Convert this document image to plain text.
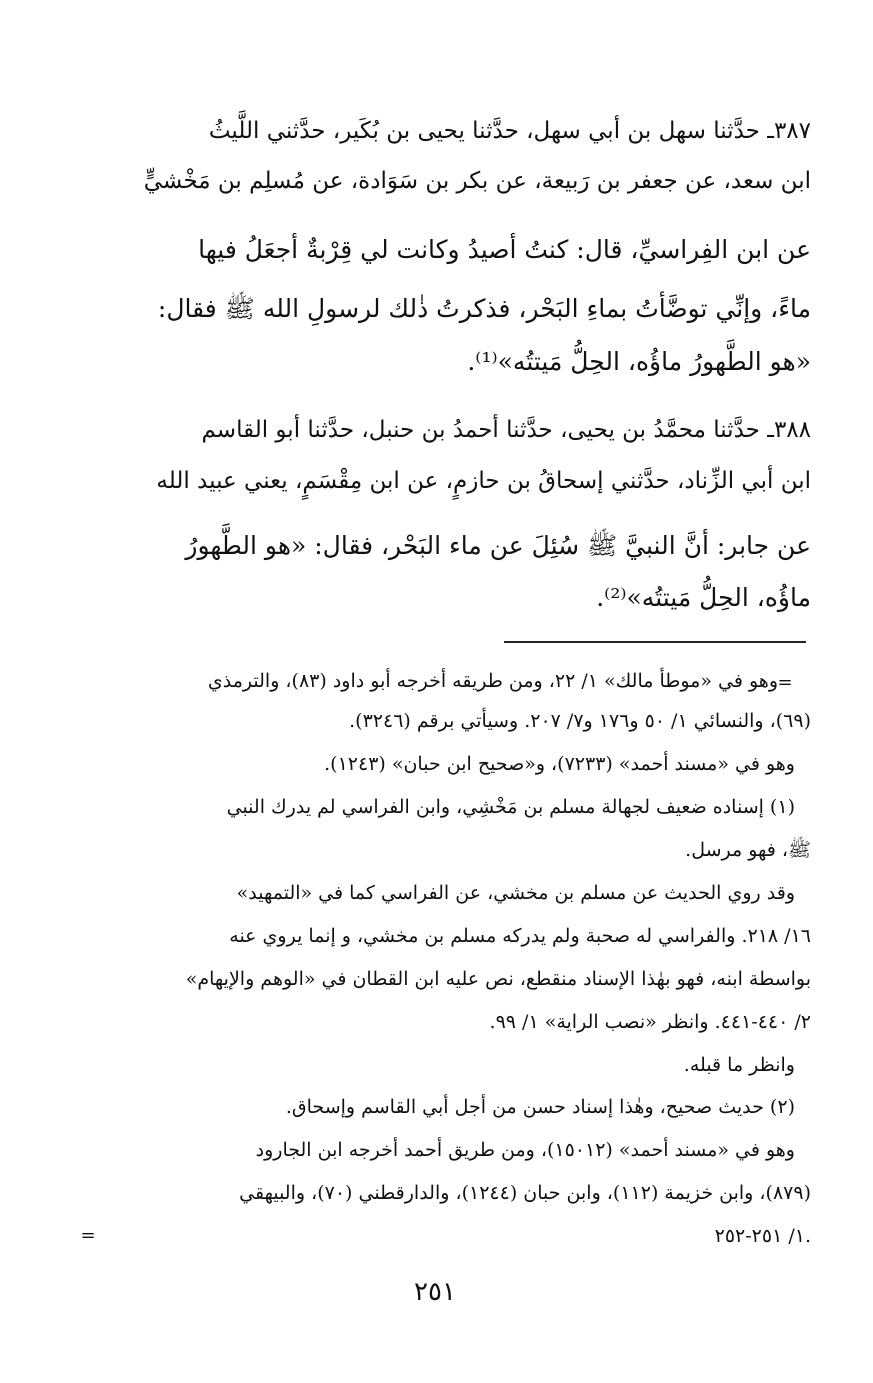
٣٨٧ـ حدَّثنا سهل بن أبي سهل، حدَّثنا يحيى بن بُكَير، حدَّثني اللَّيثُ
ابن سعد، عن جعفر بن رَبيعة، عن بكر بن سَوَادة، عن مُسلِم بن مَخْشيٍّ
عن ابن الفِراسيِّ، قال: كنتُ أصيدُ وكانت لي قِرْبةٌ أجعَلُ فيها
ماءً، وإنِّي توضَّأتُ بماءِ البَحْر، فذكرتُ ذٰلك لرسولِ الله ﷺ فقال:
«هو الطَّهورُ ماؤُه، الحِلُّ مَيتتُه»⁽¹⁾.
٣٨٨ـ حدَّثنا محمَّدُ بن يحيى، حدَّثنا أحمدُ بن حنبل، حدَّثنا أبو القاسم
ابن أبي الزِّناد، حدَّثني إسحاقُ بن حازمٍ، عن ابن مِقْسَمٍ، يعني عبيد الله
عن جابر: أنَّ النبيَّ ﷺ سُئِلَ عن ماء البَحْر، فقال: «هو الطَّهورُ
ماؤُه، الحِلُّ مَيتتُه»⁽²⁾.
=
وهو في «موطأ مالك» ١/ ٢٢، ومن طريقه أخرجه أبو داود (٨٣)، والترمذي
(٦٩)، والنسائي ١/ ٥٠ و١٧٦ و٧/ ٢٠٧. وسيأتي برقم (٣٢٤٦).
وهو في «مسند أحمد» (٧٢٣٣)، و«صحيح ابن حبان» (١٢٤٣).
(١) إسناده ضعيف لجهالة مسلم بن مَخْشِي، وابن الفراسي لم يدرك النبي
ﷺ، فهو مرسل.
وقد روي الحديث عن مسلم بن مخشي، عن الفراسي كما في «التمهيد»
١٦/ ٢١٨. والفراسي له صحبة ولم يدركه مسلم بن مخشي، و إنما يروي عنه
بواسطة ابنه، فهو بهٰذا الإسناد منقطع، نص عليه ابن القطان في «الوهم والإيهام»
٢/ ٤٤٠-٤٤١. وانظر «نصب الراية» ١/ ٩٩.
وانظر ما قبله.
(٢) حديث صحيح، وهٰذا إسناد حسن من أجل أبي القاسم وإسحاق.
وهو في «مسند أحمد» (١٥٠١٢)، ومن طريق أحمد أخرجه ابن الجارود
(٨٧٩)، وابن خزيمة (١١٢)، وابن حبان (١٢٤٤)، والدارقطني (٧٠)، والبيهقي
١/ ٢٥١-٢٥٢.
=
٢٥١
